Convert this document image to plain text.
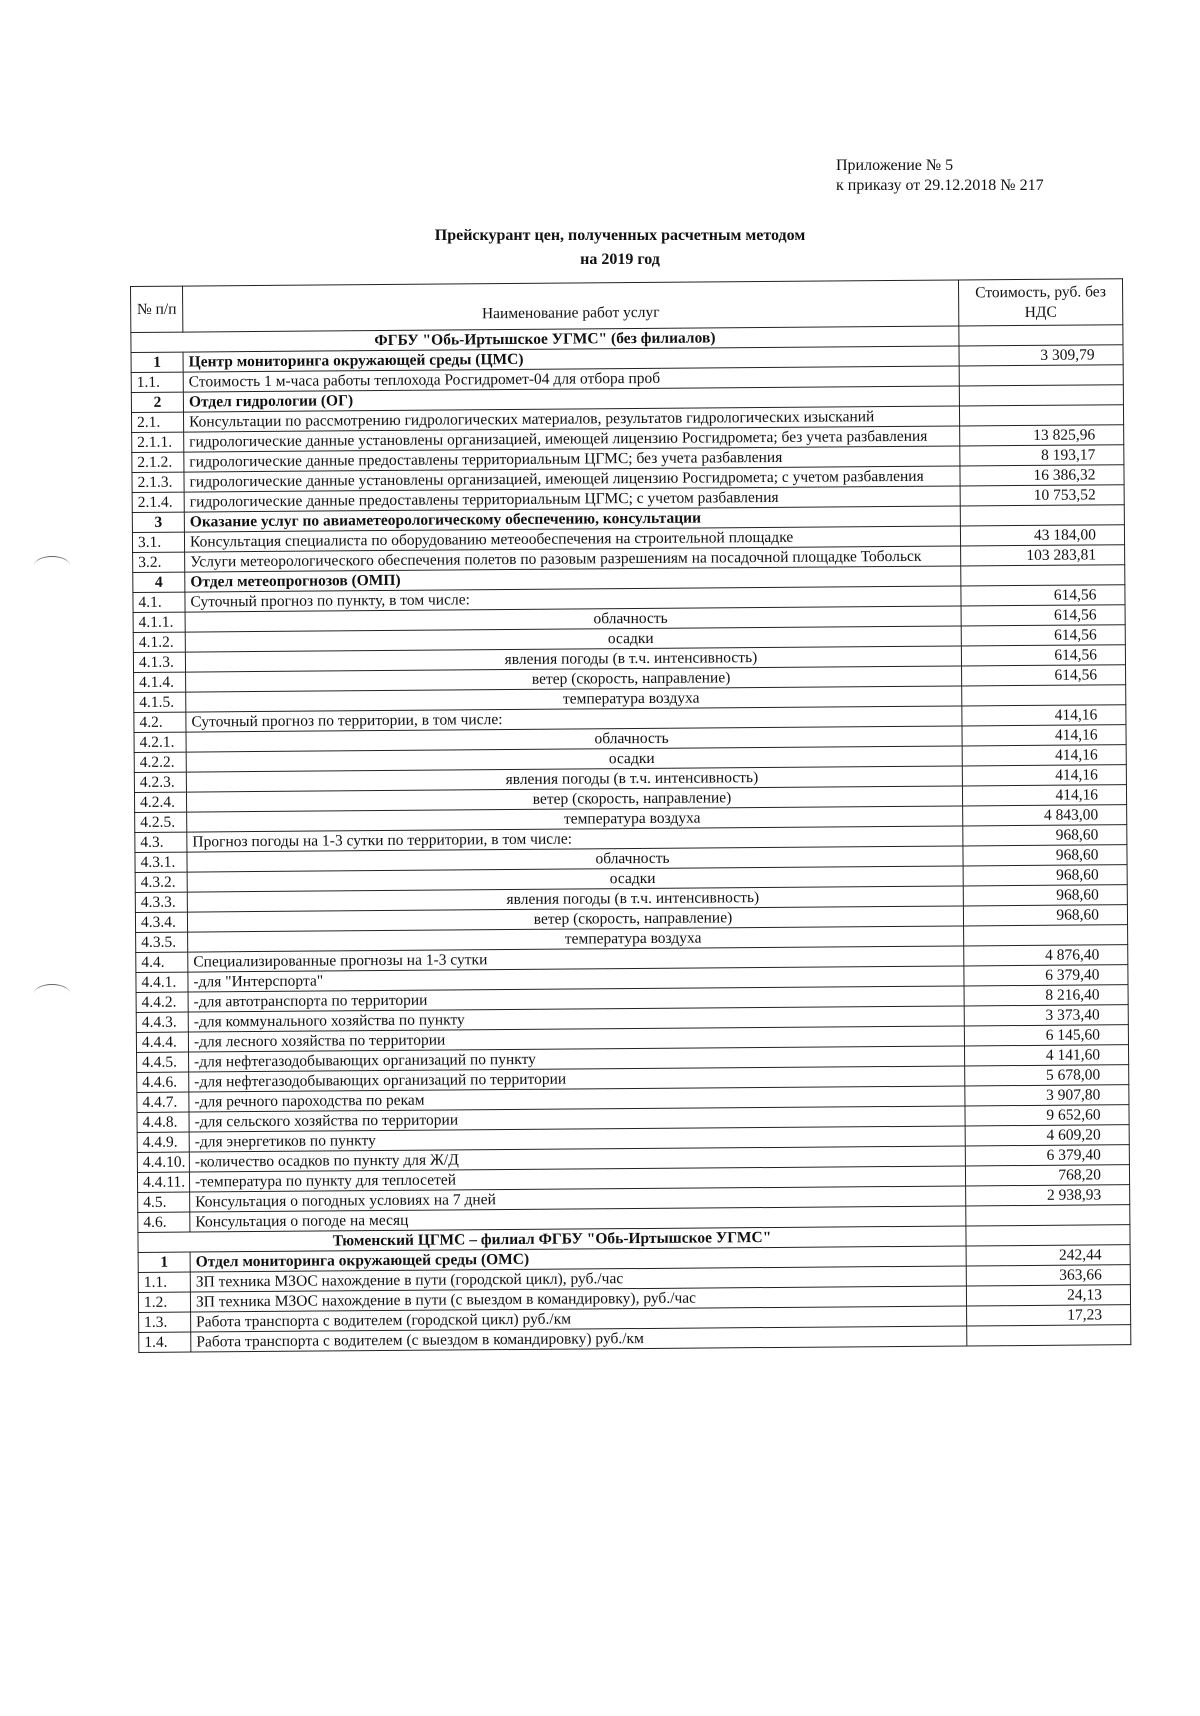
Приложение № 5
к приказу от 29.12.2018 № 217
Прейскурант цен, полученных расчетным методом
на 2019 год
№ п/п	Наименование работ услуг	Стоимость, руб. без НДС
ФГБУ "Обь-Иртышское УГМС" (без филиалов)		
1	Центр мониторинга окружающей среды (ЦМС)	3 309,79
1.1.	Стоимость 1 м-часа работы теплохода Росгидромет-04 для отбора проб	
2	Отдел гидрологии (ОГ)	
2.1.	Консультации по рассмотрению гидрологических материалов, результатов гидрологических изысканий	
2.1.1.	гидрологические данные установлены организацией, имеющей лицензию Росгидромета; без учета разбавления	13 825,96
2.1.2.	гидрологические данные предоставлены территориальным ЦГМС; без учета разбавления	8 193,17
2.1.3.	гидрологические данные установлены организацией, имеющей лицензию Росгидромета; с учетом разбавления	16 386,32
2.1.4.	гидрологические данные предоставлены территориальным ЦГМС; с учетом разбавления	10 753,52
3	Оказание услуг по авиаметеорологическому обеспечению, консультации	
3.1.	Консультация специалиста по оборудованию метеообеспечения на строительной площадке	43 184,00
3.2.	Услуги метеорологического обеспечения полетов по разовым разрешениям на посадочной площадке Тобольск	103 283,81
4	Отдел метеопрогнозов (ОМП)	
4.1.	Суточный прогноз по пункту, в том числе:	614,56
4.1.1.	облачность	614,56
4.1.2.	осадки	614,56
4.1.3.	явления погоды (в т.ч. интенсивность)	614,56
4.1.4.	ветер (скорость, направление)	614,56
4.1.5.	температура воздуха	
4.2.	Суточный прогноз по территории, в том числе:	414,16
4.2.1.	облачность	414,16
4.2.2.	осадки	414,16
4.2.3.	явления погоды (в т.ч. интенсивность)	414,16
4.2.4.	ветер (скорость, направление)	414,16
4.2.5.	температура воздуха	4 843,00
4.3.	Прогноз погоды на 1-3 сутки по территории, в том числе:	968,60
4.3.1.	облачность	968,60
4.3.2.	осадки	968,60
4.3.3.	явления погоды (в т.ч. интенсивность)	968,60
4.3.4.	ветер (скорость, направление)	968,60
4.3.5.	температура воздуха	
4.4.	Специализированные прогнозы на 1-3 сутки	4 876,40
4.4.1.	-для "Интерспорта"	6 379,40
4.4.2.	-для автотранспорта по территории	8 216,40
4.4.3.	-для коммунального хозяйства по пункту	3 373,40
4.4.4.	-для лесного хозяйства по территории	6 145,60
4.4.5.	-для нефтегазодобывающих организаций по пункту	4 141,60
4.4.6.	-для нефтегазодобывающих организаций по территории	5 678,00
4.4.7.	-для речного пароходства по рекам	3 907,80
4.4.8.	-для сельского хозяйства по территории	9 652,60
4.4.9.	-для энергетиков по пункту	4 609,20
4.4.10.	-количество осадков по пункту для Ж/Д	6 379,40
4.4.11.	-температура по пункту для теплосетей	768,20
4.5.	Консультация о погодных условиях на 7 дней	2 938,93
4.6.	Консультация о погоде на месяц	
Тюменский ЦГМС – филиал ФГБУ "Обь-Иртышское УГМС"		
1	Отдел мониторинга окружающей среды (ОМС)	242,44
1.1.	ЗП техника МЗОС нахождение в пути (городской цикл), руб./час	363,66
1.2.	ЗП техника МЗОС нахождение в пути (с выездом в командировку), руб./час	24,13
1.3.	Работа транспорта с водителем (городской цикл) руб./км	17,23
1.4.	Работа транспорта с водителем (с выездом в командировку) руб./км	
